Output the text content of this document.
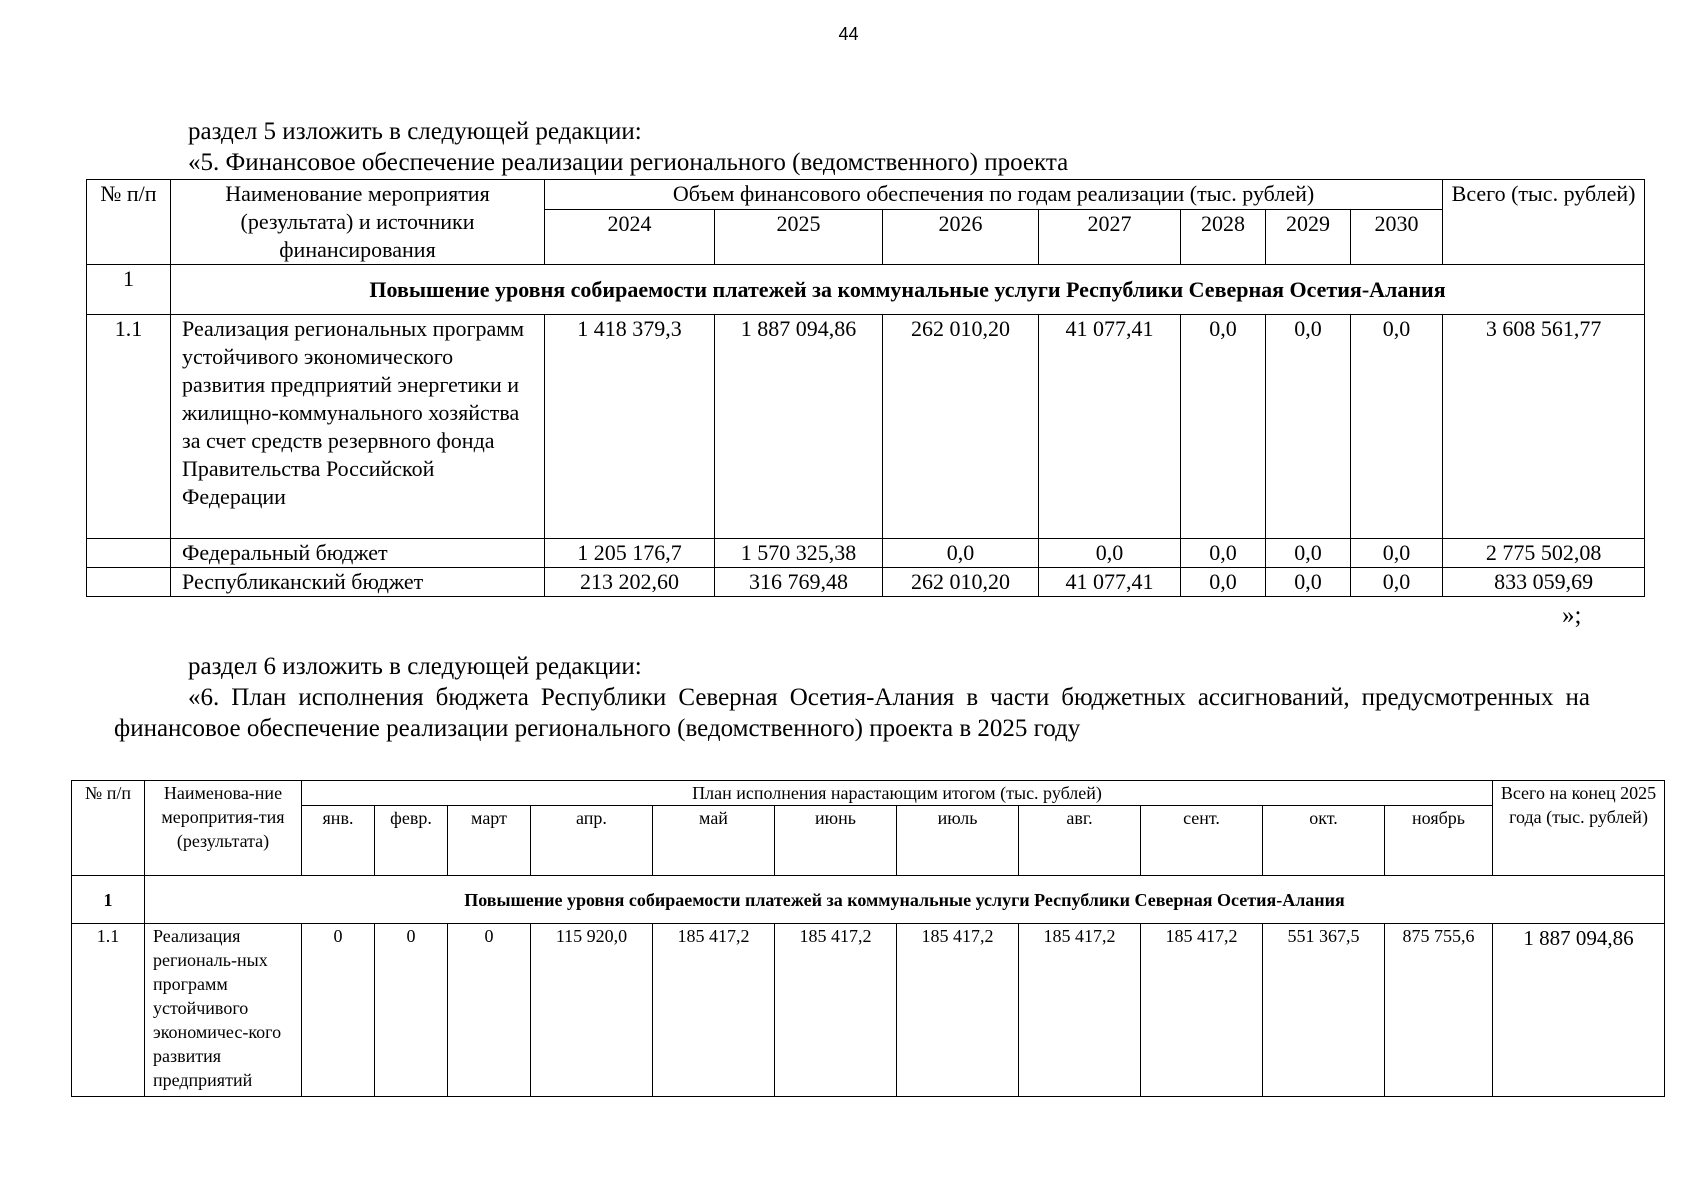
44
раздел 5 изложить в следующей редакции:
«5. Финансовое обеспечение реализации регионального (ведомственного) проекта
№ п/п	Наименование мероприятия (результата) и источники финансирования	Объем финансового обеспечения по годам реализации (тыс. рублей)							Всего (тыс. рублей)
		2024	2025	2026	2027	2028	2029	2030	
1	Повышение уровня собираемости платежей за коммунальные услуги Республики Северная Осетия-Алания								
1.1	Реализация региональных программ устойчивого экономического развития предприятий энергетики и жилищно-коммунального хозяйства за счет средств резервного фонда Правительства Российской Федерации	1 418 379,3	1 887 094,86	262 010,20	41 077,41	0,0	0,0	0,0	3 608 561,77
	Федеральный бюджет	1 205 176,7	1 570 325,38	0,0	0,0	0,0	0,0	0,0	2 775 502,08
	Республиканский бюджет	213 202,60	316 769,48	262 010,20	41 077,41	0,0	0,0	0,0	833 059,69
»;
раздел 6 изложить в следующей редакции:
«6. План исполнения бюджета Республики Северная Осетия-Алания в части бюджетных ассигнований, предусмотренных на финансовое обеспечение реализации регионального (ведомственного) проекта в 2025 году
№ п/п	Наименова-ние меропрития-тия (результата)	План исполнения нарастающим итогом (тыс. рублей)											Всего на конец 2025 года (тыс. рублей)
		янв.	февр.	март	апр.	май	июнь	июль	авг.	сент.	окт.	ноябрь	
1	Повышение уровня собираемости платежей за коммунальные услуги Республики Северная Осетия-Алания												
1.1	Реализация региональ-ных программ устойчивого экономичес-кого развития предприятий	0	0	0	115 920,0	185 417,2	185 417,2	185 417,2	185 417,2	185 417,2	551 367,5	875 755,6	1 887 094,86
